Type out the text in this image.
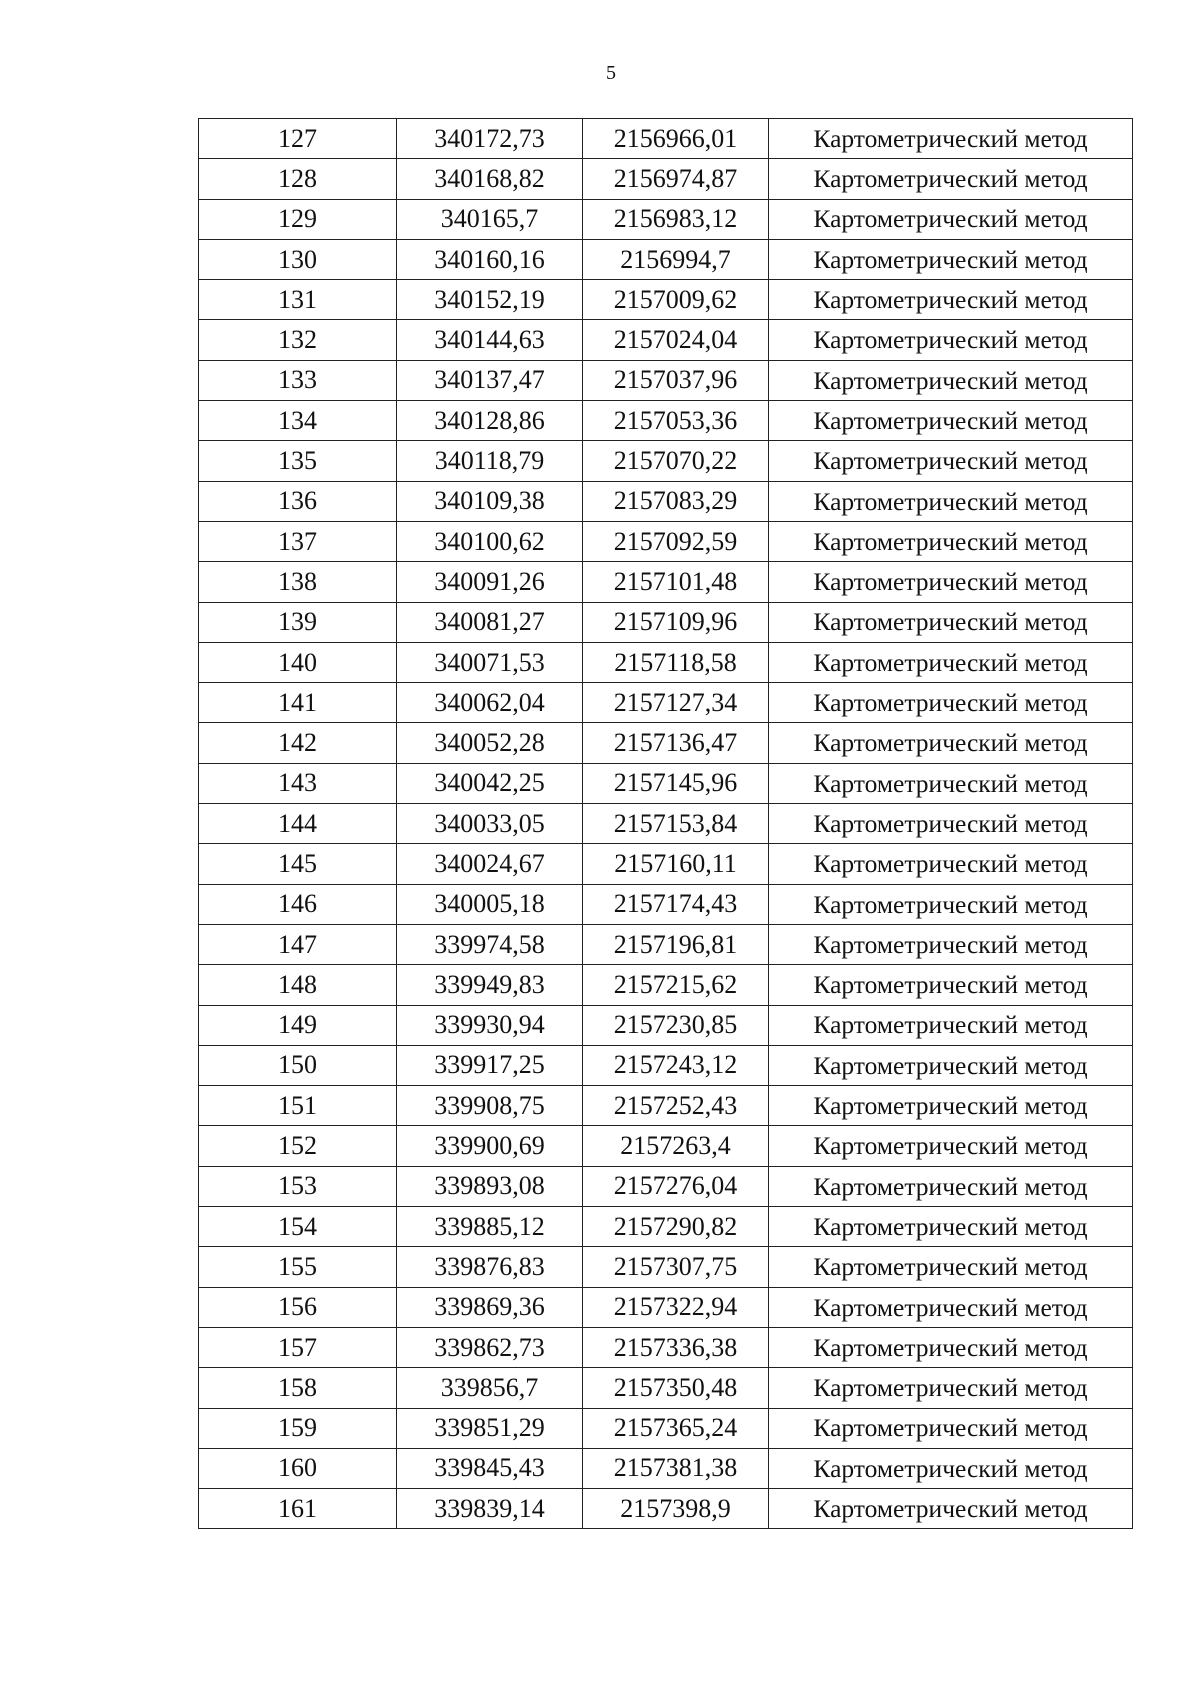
5
127	340172,73	2156966,01	Картометрический метод
128	340168,82	2156974,87	Картометрический метод
129	340165,7	2156983,12	Картометрический метод
130	340160,16	2156994,7	Картометрический метод
131	340152,19	2157009,62	Картометрический метод
132	340144,63	2157024,04	Картометрический метод
133	340137,47	2157037,96	Картометрический метод
134	340128,86	2157053,36	Картометрический метод
135	340118,79	2157070,22	Картометрический метод
136	340109,38	2157083,29	Картометрический метод
137	340100,62	2157092,59	Картометрический метод
138	340091,26	2157101,48	Картометрический метод
139	340081,27	2157109,96	Картометрический метод
140	340071,53	2157118,58	Картометрический метод
141	340062,04	2157127,34	Картометрический метод
142	340052,28	2157136,47	Картометрический метод
143	340042,25	2157145,96	Картометрический метод
144	340033,05	2157153,84	Картометрический метод
145	340024,67	2157160,11	Картометрический метод
146	340005,18	2157174,43	Картометрический метод
147	339974,58	2157196,81	Картометрический метод
148	339949,83	2157215,62	Картометрический метод
149	339930,94	2157230,85	Картометрический метод
150	339917,25	2157243,12	Картометрический метод
151	339908,75	2157252,43	Картометрический метод
152	339900,69	2157263,4	Картометрический метод
153	339893,08	2157276,04	Картометрический метод
154	339885,12	2157290,82	Картометрический метод
155	339876,83	2157307,75	Картометрический метод
156	339869,36	2157322,94	Картометрический метод
157	339862,73	2157336,38	Картометрический метод
158	339856,7	2157350,48	Картометрический метод
159	339851,29	2157365,24	Картометрический метод
160	339845,43	2157381,38	Картометрический метод
161	339839,14	2157398,9	Картометрический метод
